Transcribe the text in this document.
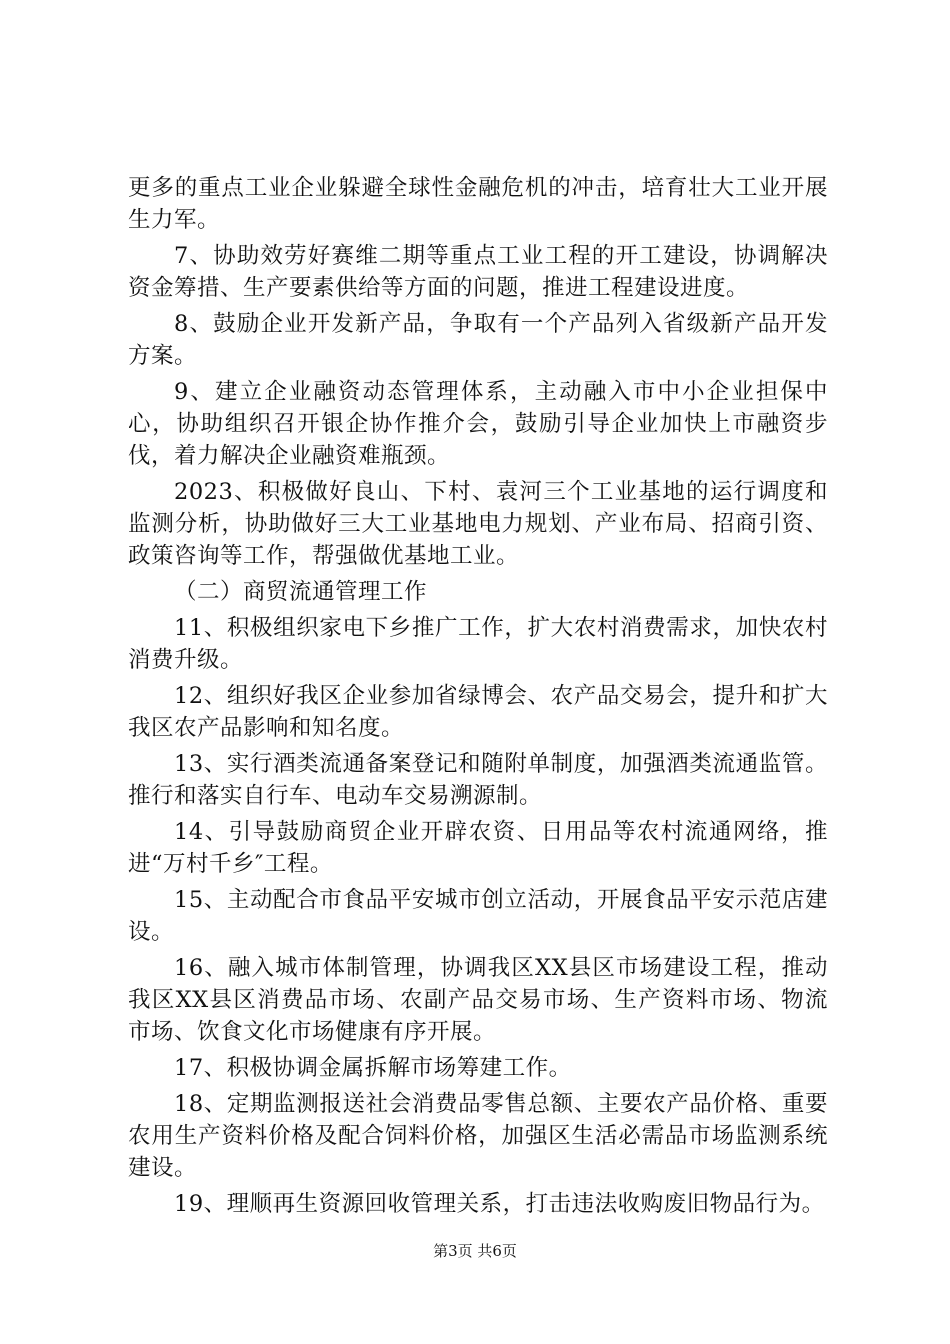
更多的重点工业企业躲避全球性金融危机的冲击，培育壮大工业开展生力军。

7、协助效劳好赛维二期等重点工业工程的开工建设，协调解决资金筹措、生产要素供给等方面的问题，推进工程建设进度。

8、鼓励企业开发新产品，争取有一个产品列入省级新产品开发方案。

9、建立企业融资动态管理体系，主动融入市中小企业担保中心，协助组织召开银企协作推介会，鼓励引导企业加快上市融资步伐，着力解决企业融资难瓶颈。

2023、积极做好良山、下村、袁河三个工业基地的运行调度和监测分析，协助做好三大工业基地电力规划、产业布局、招商引资、政策咨询等工作，帮强做优基地工业。

（二）商贸流通管理工作

11、积极组织家电下乡推广工作，扩大农村消费需求，加快农村消费升级。

12、组织好我区企业参加省绿博会、农产品交易会，提升和扩大我区农产品影响和知名度。

13、实行酒类流通备案登记和随附单制度，加强酒类流通监管。推行和落实自行车、电动车交易溯源制。

14、引导鼓励商贸企业开辟农资、日用品等农村流通网络，推进“万村千乡″工程。

15、主动配合市食品平安城市创立活动，开展食品平安示范店建设。

16、融入城市体制管理，协调我区XX县区市场建设工程，推动我区XX县区消费品市场、农副产品交易市场、生产资料市场、物流市场、饮食文化市场健康有序开展。

17、积极协调金属拆解市场筹建工作。

18、定期监测报送社会消费品零售总额、主要农产品价格、重要农用生产资料价格及配合饲料价格，加强区生活必需品市场监测系统建设。

19、理顺再生资源回收管理关系，打击违法收购废旧物品行为。

第3页 共6页
